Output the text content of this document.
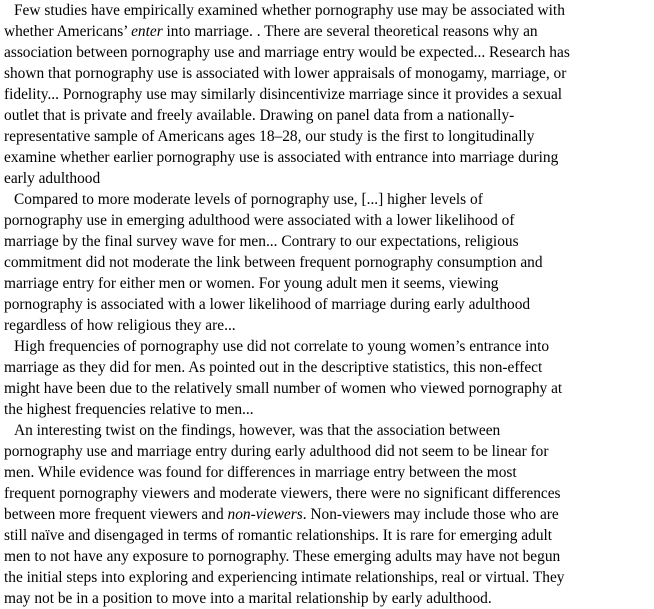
Few studies have empirically examined whether pornography use may be associated with
whether Americans’ enter into marriage. . There are several theoretical reasons why an
association between pornography use and marriage entry would be expected... Research has
shown that pornography use is associated with lower appraisals of monogamy, marriage, or
fidelity... Pornography use may similarly disincentivize marriage since it provides a sexual
outlet that is private and freely available. Drawing on panel data from a nationally-
representative sample of Americans ages 18–28, our study is the first to longitudinally
examine whether earlier pornography use is associated with entrance into marriage during
early adulthood
Compared to more moderate levels of pornography use, [...] higher levels of
pornography use in emerging adulthood were associated with a lower likelihood of
marriage by the final survey wave for men... Contrary to our expectations, religious
commitment did not moderate the link between frequent pornography consumption and
marriage entry for either men or women. For young adult men it seems, viewing
pornography is associated with a lower likelihood of marriage during early adulthood
regardless of how religious they are...
High frequencies of pornography use did not correlate to young women’s entrance into
marriage as they did for men. As pointed out in the descriptive statistics, this non-effect
might have been due to the relatively small number of women who viewed pornography at
the highest frequencies relative to men...
An interesting twist on the findings, however, was that the association between
pornography use and marriage entry during early adulthood did not seem to be linear for
men. While evidence was found for differences in marriage entry between the most
frequent pornography viewers and moderate viewers, there were no significant differences
between more frequent viewers and non-viewers. Non-viewers may include those who are
still naïve and disengaged in terms of romantic relationships. It is rare for emerging adult
men to not have any exposure to pornography. These emerging adults may have not begun
the initial steps into exploring and experiencing intimate relationships, real or virtual. They
may not be in a position to move into a marital relationship by early adulthood.
